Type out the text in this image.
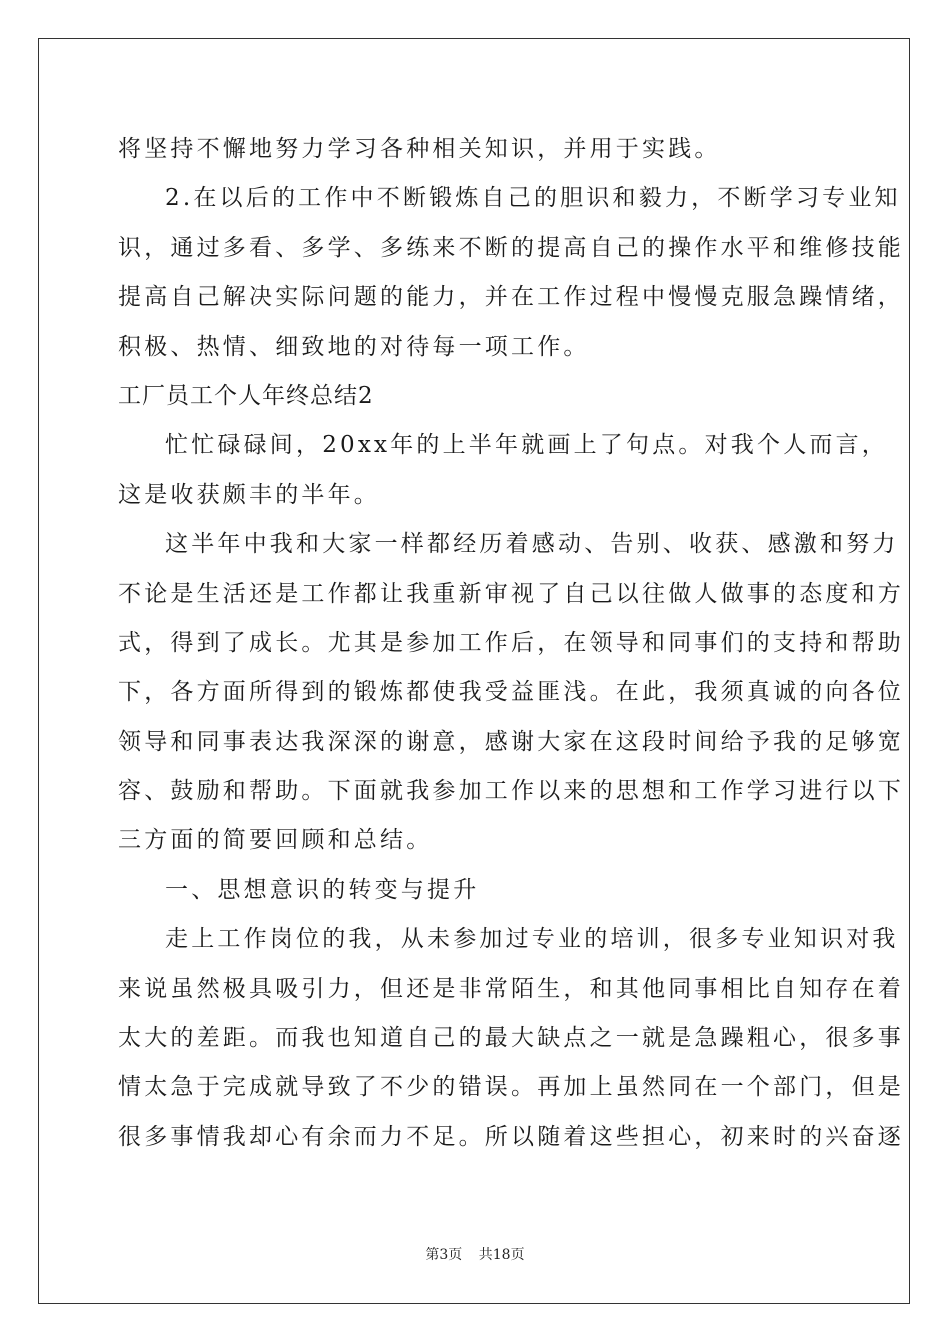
将坚持不懈地努力学习各种相关知识，并用于实践。
2.在以后的工作中不断锻炼自己的胆识和毅力，不断学习专业知
识，通过多看、多学、多练来不断的提高自己的操作水平和维修技能
提高自己解决实际问题的能力，并在工作过程中慢慢克服急躁情绪，
积极、热情、细致地的对待每一项工作。
工厂员工个人年终总结2
忙忙碌碌间，20xx年的上半年就画上了句点。对我个人而言，
这是收获颇丰的半年。
这半年中我和大家一样都经历着感动、告别、收获、感激和努力
不论是生活还是工作都让我重新审视了自己以往做人做事的态度和方
式，得到了成长。尤其是参加工作后，在领导和同事们的支持和帮助
下，各方面所得到的锻炼都使我受益匪浅。在此，我须真诚的向各位
领导和同事表达我深深的谢意，感谢大家在这段时间给予我的足够宽
容、鼓励和帮助。下面就我参加工作以来的思想和工作学习进行以下
三方面的简要回顾和总结。
一、思想意识的转变与提升
走上工作岗位的我，从未参加过专业的培训，很多专业知识对我
来说虽然极具吸引力，但还是非常陌生，和其他同事相比自知存在着
太大的差距。而我也知道自己的最大缺点之一就是急躁粗心，很多事
情太急于完成就导致了不少的错误。再加上虽然同在一个部门，但是
很多事情我却心有余而力不足。所以随着这些担心，初来时的兴奋逐
第3页 共18页
